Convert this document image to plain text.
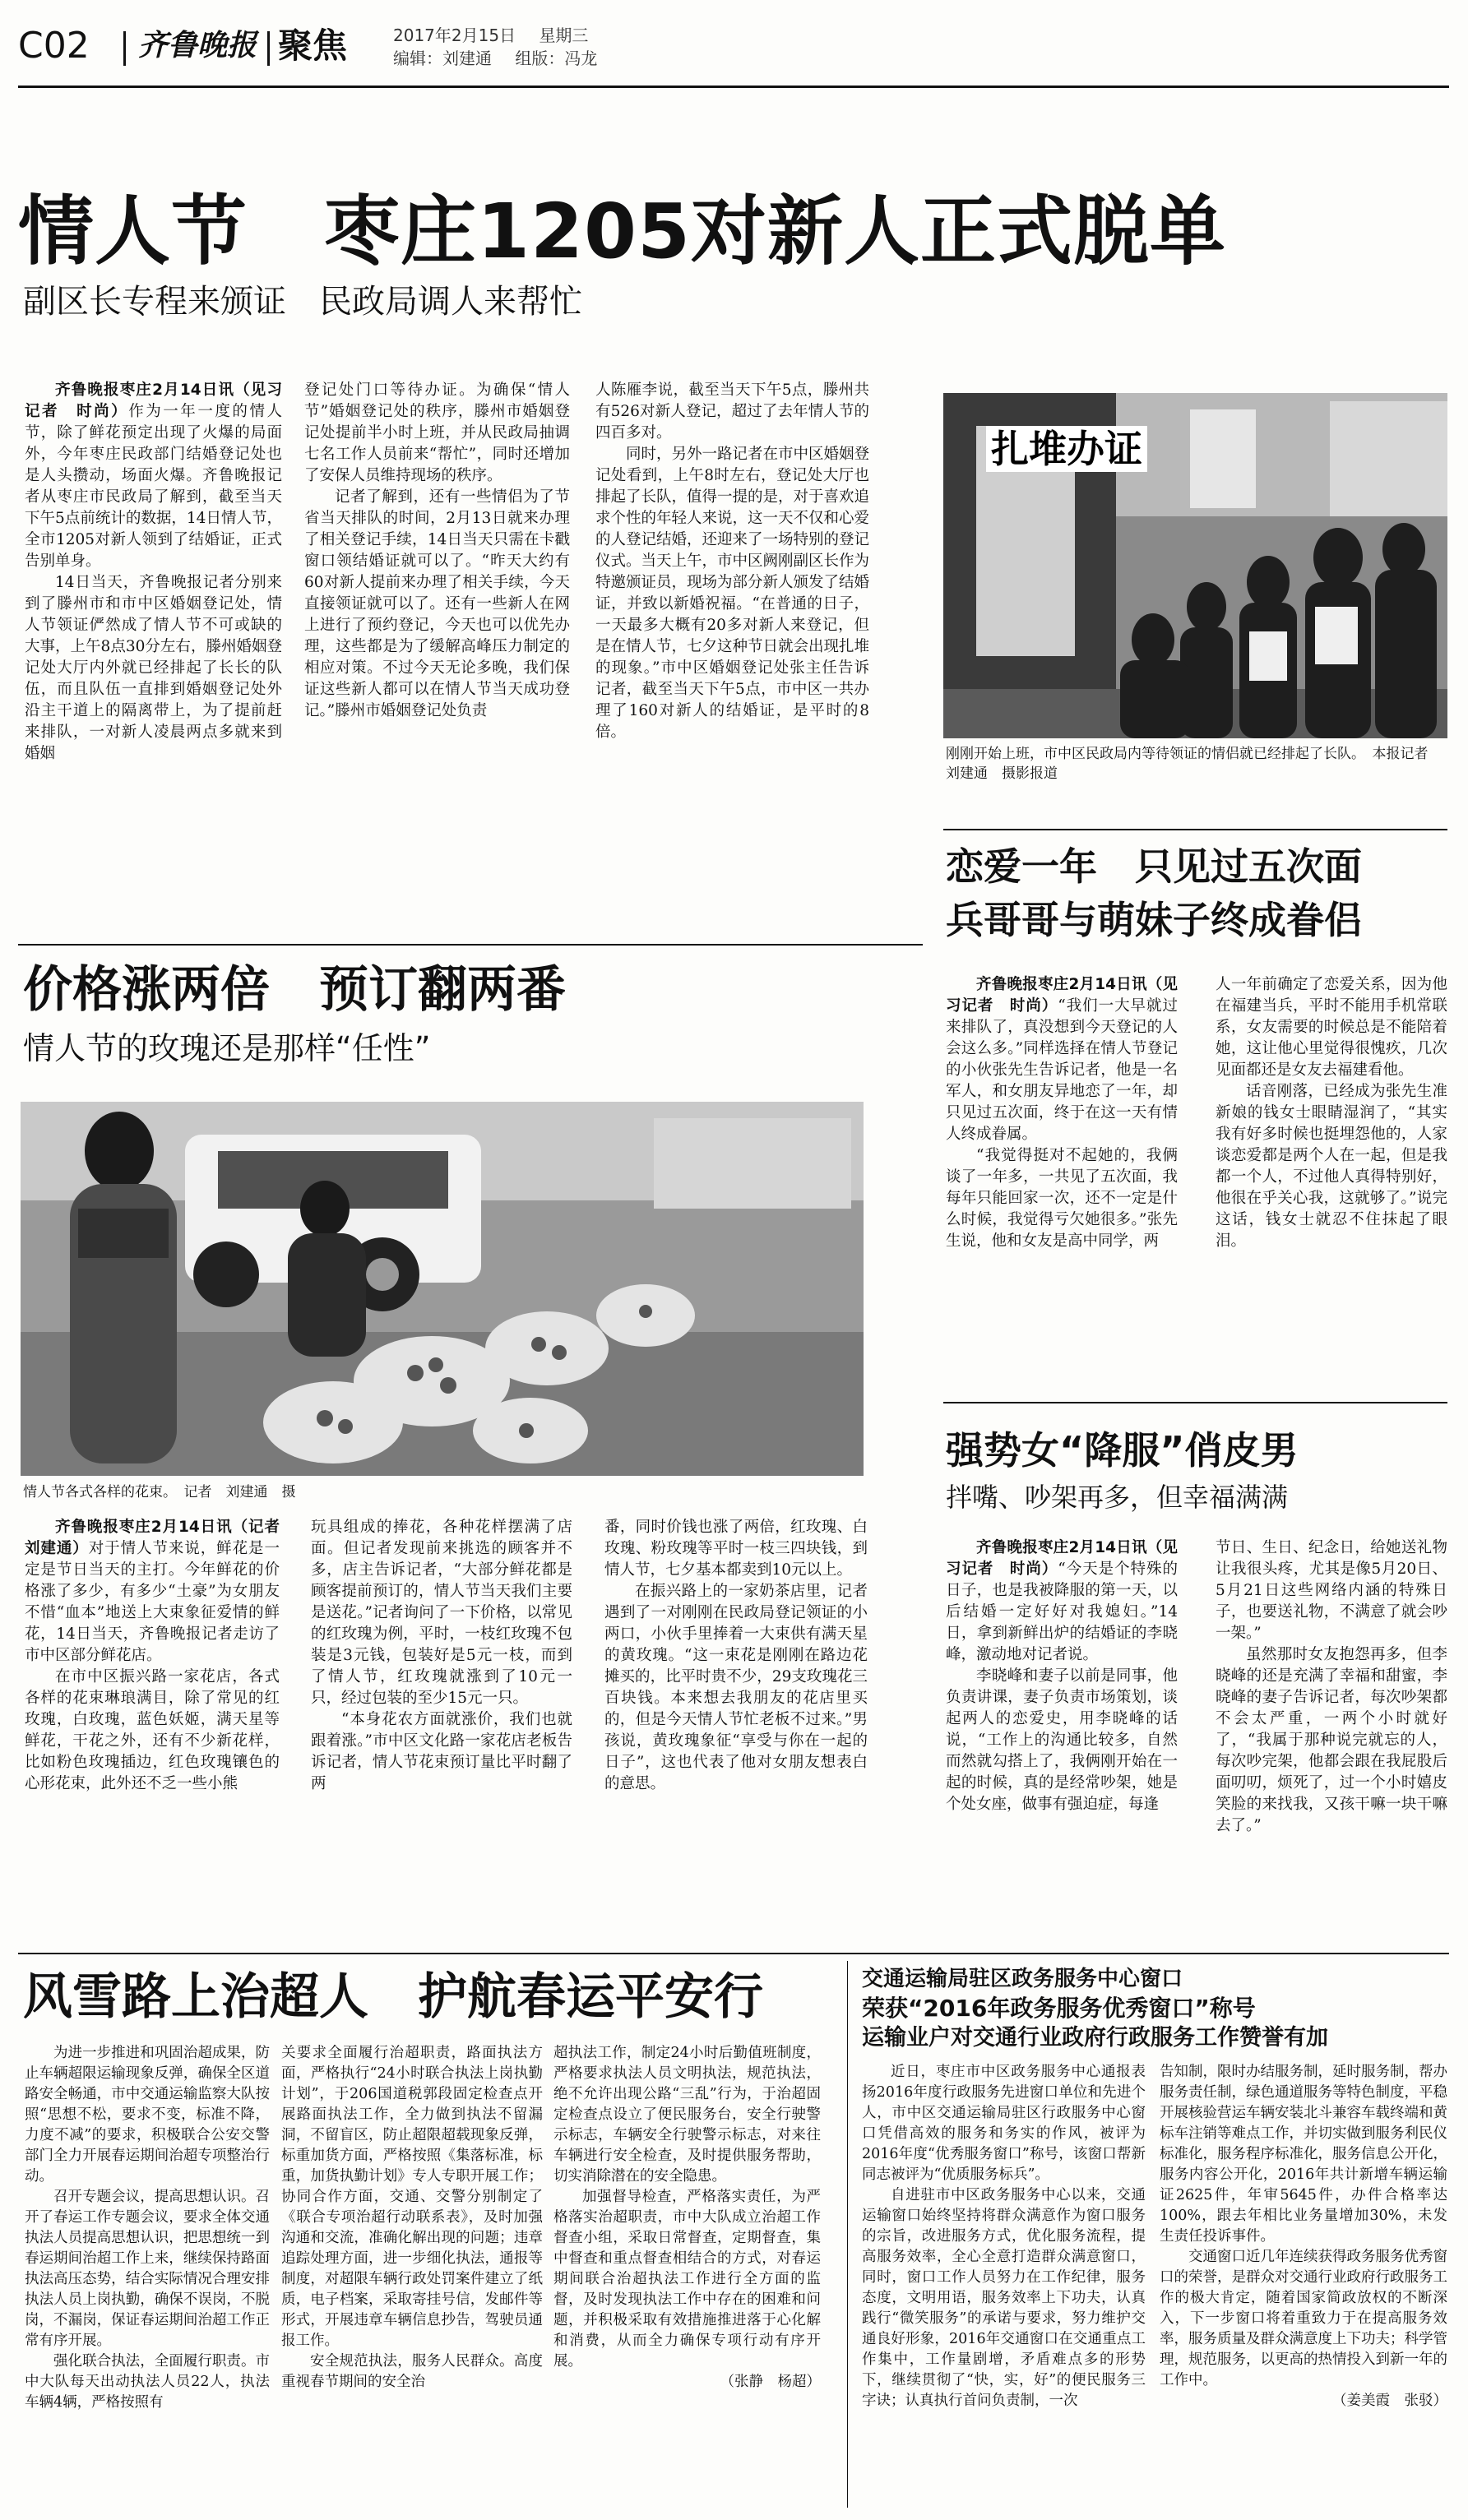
C02 齐鲁晚报 聚焦	2017年2月15日 星期三
编辑：刘建通 组版：冯龙
情人节　枣庄1205对新人正式脱单
副区长专程来颁证　民政局调人来帮忙

齐鲁晚报枣庄2月14日讯（见习记者　时尚）作为一年一度的情人节，除了鲜花预定出现了火爆的局面外，今年枣庄民政部门结婚登记处也是人头攒动，场面火爆。齐鲁晚报记者从枣庄市民政局了解到，截至当天下午5点前统计的数据，14日情人节，全市1205对新人领到了结婚证，正式告别单身。

14日当天，齐鲁晚报记者分别来到了滕州市和市中区婚姻登记处，情人节领证俨然成了情人节不可或缺的大事，上午8点30分左右，滕州婚姻登记处大厅内外就已经排起了长长的队伍，而且队伍一直排到婚姻登记处外沿主干道上的隔离带上，为了提前赶来排队，一对新人凌晨两点多就来到婚姻

登记处门口等待办证。为确保“情人节”婚姻登记处的秩序，滕州市婚姻登记处提前半小时上班，并从民政局抽调七名工作人员前来“帮忙”，同时还增加了安保人员维持现场的秩序。

记者了解到，还有一些情侣为了节省当天排队的时间，2月13日就来办理了相关登记手续，14日当天只需在卡戳窗口领结婚证就可以了。“昨天大约有60对新人提前来办理了相关手续，今天直接领证就可以了。还有一些新人在网上进行了预约登记，今天也可以优先办理，这些都是为了缓解高峰压力制定的相应对策。不过今天无论多晚，我们保证这些新人都可以在情人节当天成功登记。”滕州市婚姻登记处负责

人陈雁李说，截至当天下午5点，滕州共有526对新人登记，超过了去年情人节的四百多对。

同时，另外一路记者在市中区婚姻登记处看到，上午8时左右，登记处大厅也排起了长队，值得一提的是，对于喜欢追求个性的年轻人来说，这一天不仅和心爱的人登记结婚，还迎来了一场特别的登记仪式。当天上午，市中区阙刚副区长作为特邀颁证员，现场为部分新人颁发了结婚证，并致以新婚祝福。“在普通的日子，一天最多大概有20多对新人来登记，但是在情人节，七夕这种节日就会出现扎堆的现象。”市中区婚姻登记处张主任告诉记者，截至当天下午5点，市中区一共办理了160对新人的结婚证，是平时的8倍。

扎堆办证
刚刚开始上班，市中区民政局内等待领证的情侣就已经排起了长队。　本报记者　刘建通　摄影报道
恋爱一年　只见过五次面
兵哥哥与萌妹子终成眷侣

齐鲁晚报枣庄2月14日讯（见习记者　时尚）“我们一大早就过来排队了，真没想到今天登记的人会这么多。”同样选择在情人节登记的小伙张先生告诉记者，他是一名军人，和女朋友异地恋了一年，却只见过五次面，终于在这一天有情人终成眷属。

“我觉得挺对不起她的，我俩谈了一年多，一共见了五次面，我每年只能回家一次，还不一定是什么时候，我觉得亏欠她很多。”张先生说，他和女友是高中同学，两

人一年前确定了恋爱关系，因为他在福建当兵，平时不能用手机常联系，女友需要的时候总是不能陪着她，这让他心里觉得很愧疚，几次见面都还是女友去福建看他。

话音刚落，已经成为张先生准新娘的钱女士眼睛湿润了，“其实我有好多时候也挺埋怨他的，人家谈恋爱都是两个人在一起，但是我都一个人，不过他人真得特别好，他很在乎关心我，这就够了。”说完这话，钱女士就忍不住抹起了眼泪。

强势女“降服”俏皮男
拌嘴、吵架再多，但幸福满满

齐鲁晚报枣庄2月14日讯（见习记者　时尚）“今天是个特殊的日子，也是我被降服的第一天，以后结婚一定好好对我媳妇。”14日，拿到新鲜出炉的结婚证的李晓峰，激动地对记者说。

李晓峰和妻子以前是同事，他负责讲课，妻子负责市场策划，谈起两人的恋爱史，用李晓峰的话说，“工作上的沟通比较多，自然而然就勾搭上了，我俩刚开始在一起的时候，真的是经常吵架，她是个处女座，做事有强迫症，每逢

节日、生日、纪念日，给她送礼物让我很头疼，尤其是像5月20日、5月21日这些网络内涵的特殊日子，也要送礼物，不满意了就会吵一架。”

虽然那时女友抱怨再多，但李晓峰的还是充满了幸福和甜蜜，李晓峰的妻子告诉记者，每次吵架都不会太严重，一两个小时就好了，“我属于那种说完就忘的人，每次吵完架，他都会跟在我屁股后面叨叨，烦死了，过一个小时嬉皮笑脸的来找我，又孩干嘛一块干嘛去了。”

价格涨两倍　预订翻两番
情人节的玫瑰还是那样“任性”
情人节各式各样的花束。　记者　刘建通　摄

齐鲁晚报枣庄2月14日讯（记者　刘建通）对于情人节来说，鲜花是一定是节日当天的主打。今年鲜花的价格涨了多少，有多少“土豪”为女朋友不惜“血本”地送上大束象征爱情的鲜花，14日当天，齐鲁晚报记者走访了市中区部分鲜花店。

在市中区振兴路一家花店，各式各样的花束琳琅满目，除了常见的红玫瑰，白玫瑰，蓝色妖姬，满天星等鲜花，干花之外，还有不少新花样，比如粉色玫瑰插边，红色玫瑰镶色的心形花束，此外还不乏一些小熊

玩具组成的捧花，各种花样摆满了店面。但记者发现前来挑选的顾客并不多，店主告诉记者，“大部分鲜花都是顾客提前预订的，情人节当天我们主要是送花。”记者询问了一下价格，以常见的红玫瑰为例，平时，一枝红玫瑰不包装是3元钱，包装好是5元一枝，而到了情人节，红玫瑰就涨到了10元一只，经过包装的至少15元一只。

“本身花农方面就涨价，我们也就跟着涨。”市中区文化路一家花店老板告诉记者，情人节花束预订量比平时翻了两

番，同时价钱也涨了两倍，红玫瑰、白玫瑰、粉玫瑰等平时一枝三四块钱，到情人节，七夕基本都卖到10元以上。

在振兴路上的一家奶茶店里，记者遇到了一对刚刚在民政局登记领证的小两口，小伙手里捧着一大束供有满天星的黄玫瑰。“这一束花是刚刚在路边花摊买的，比平时贵不少，29支玫瑰花三百块钱。本来想去我朋友的花店里买的，但是今天情人节忙老板不过来。”男孩说，黄玫瑰象征“享受与你在一起的日子”，这也代表了他对女朋友想表白的意思。

风雪路上治超人　护航春运平安行

为进一步推进和巩固治超成果，防止车辆超限运输现象反弹，确保全区道路安全畅通，市中交通运输监察大队按照“思想不松，要求不变，标准不降，力度不减”的要求，积极联合公安交警部门全力开展春运期间治超专项整治行动。

召开专题会议，提高思想认识。召开了春运工作专题会议，要求全体交通执法人员提高思想认识，把思想统一到春运期间治超工作上来，继续保持路面执法高压态势，结合实际情况合理安排执法人员上岗执勤，确保不误岗，不脱岗，不漏岗，保证春运期间治超工作正常有序开展。

强化联合执法，全面履行职责。市中大队每天出动执法人员22人，执法车辆4辆，严格按照有

关要求全面履行治超职责，路面执法方面，严格执行“24小时联合执法上岗执勤计划”，于206国道税郭段固定检查点开展路面执法工作，全力做到执法不留漏洞，不留盲区，防止超限超载现象反弹，标重加货方面，严格按照《集落标准，标重，加货执勤计划》专人专职开展工作；协同合作方面，交通、交警分别制定了《联合专项治超行动联系表》，及时加强沟通和交流，准确化解出现的问题；违章追踪处理方面，进一步细化执法，通报等制度，对超限车辆行政处罚案件建立了纸质，电子档案，采取寄挂号信，发邮件等形式，开展违章车辆信息抄告，驾驶员通报工作。

安全规范执法，服务人民群众。高度重视春节期间的安全治

超执法工作，制定24小时后勤值班制度，严格要求执法人员文明执法，规范执法，绝不允许出现公路“三乱”行为，于治超固定检查点设立了便民服务台，安全行驶警示标志，车辆安全行驶警示标志，对来往车辆进行安全检查，及时提供服务帮助，切实消除潜在的安全隐患。

加强督导检查，严格落实责任，为严格落实治超职责，市中大队成立治超工作督查小组，采取日常督查，定期督查，集中督查和重点督查相结合的方式，对春运期间联合治超执法工作进行全方面的监督，及时发现执法工作中存在的困难和问题，并积极采取有效措施推进落于心化解和消费，从而全力确保专项行动有序开展。

（张静　杨超）

交通运输局驻区政务服务中心窗口
荣获“2016年政务服务优秀窗口”称号
运输业户对交通行业政府行政服务工作赞誉有加

近日，枣庄市中区政务服务中心通报表扬2016年度行政服务先进窗口单位和先进个人，市中区交通运输局驻区行政服务中心窗口凭借高效的服务和务实的作风，被评为2016年度“优秀服务窗口”称号，该窗口帮新同志被评为“优质服务标兵”。

自进驻市中区政务服务中心以来，交通运输窗口始终坚持将群众满意作为窗口服务的宗旨，改进服务方式，优化服务流程，提高服务效率，全心全意打造群众满意窗口，同时，窗口工作人员努力在工作纪律，服务态度，文明用语，服务效率上下功夫，认真践行“微笑服务”的承诺与要求，努力维护交通良好形象，2016年交通窗口在交通重点工作集中，工作量剧增，矛盾难点多的形势下，继续贯彻了“快，实，好”的便民服务三字诀；认真执行首问负责制，一次

告知制，限时办结服务制，延时服务制，帮办服务责任制，绿色通道服务等特色制度，平稳开展核验营运车辆安装北斗兼容车载终端和黄标车注销等难点工作，并切实做到服务利民仪标准化，服务程序标准化，服务信息公开化，服务内容公开化，2016年共计新增车辆运输证2625件，年审5645件，办件合格率达100%，跟去年相比业务量增加30%，未发生责任投诉事件。

交通窗口近几年连续获得政务服务优秀窗口的荣誉，是群众对交通行业政府行政服务工作的极大肯定，随着国家简政放权的不断深入，下一步窗口将着重致力于在提高服务效率，服务质量及群众满意度上下功夫；科学管理，规范服务，以更高的热情投入到新一年的工作中。

（姜美霞　张驳）
